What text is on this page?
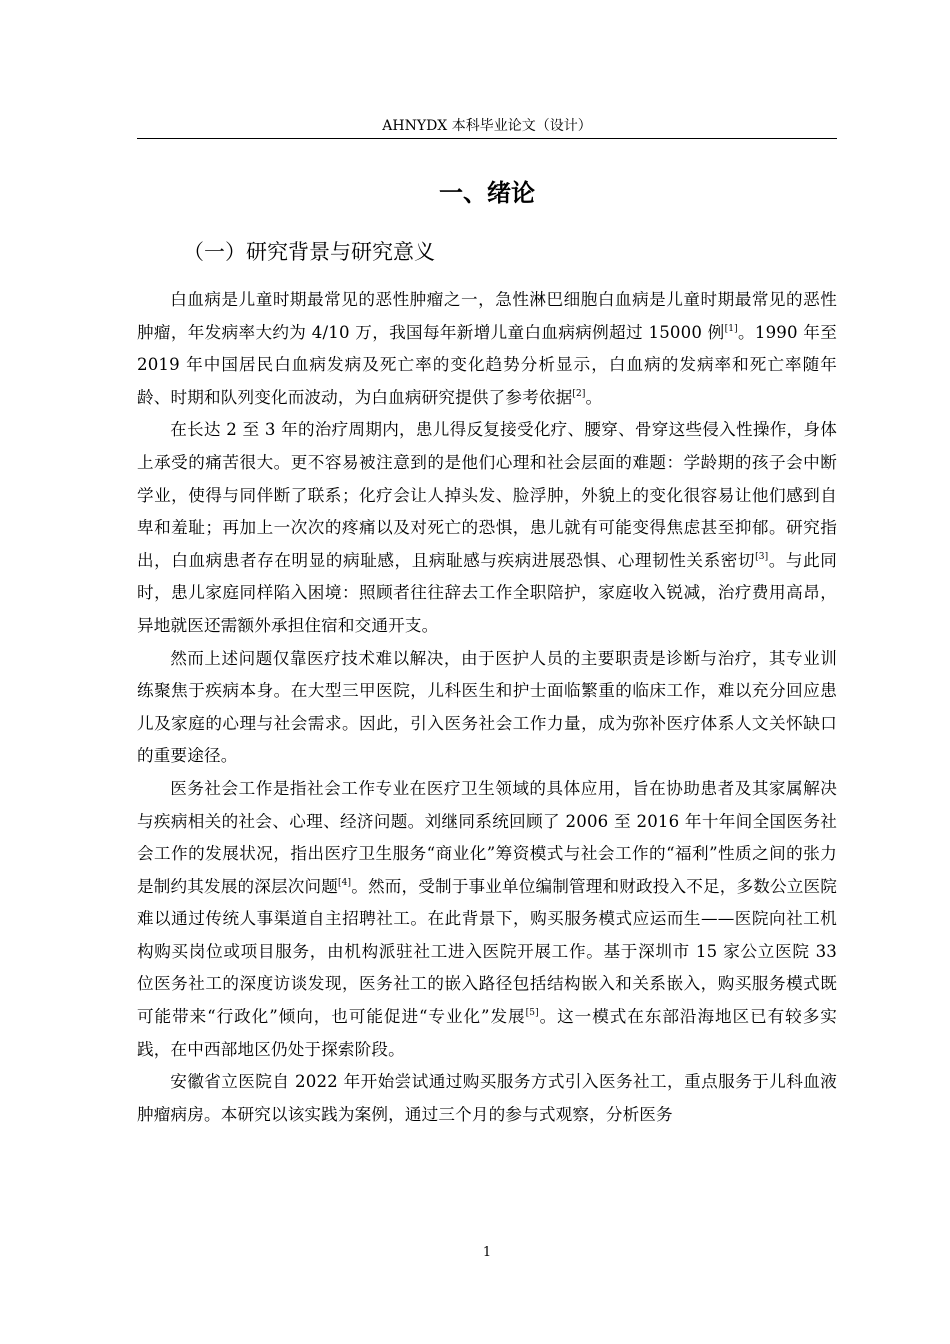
AHNYDX 本科毕业论文（设计）
一、绪论
（一）研究背景与研究意义

白血病是儿童时期最常见的恶性肿瘤之一，急性淋巴细胞白血病是儿童时期最常见的恶性肿瘤，年发病率大约为 4/10 万，我国每年新增儿童白血病病例超过 15000 例[1]。1990 年至 2019 年中国居民白血病发病及死亡率的变化趋势分析显示，白血病的发病率和死亡率随年龄、时期和队列变化而波动，为白血病研究提供了参考依据[2]。

在长达 2 至 3 年的治疗周期内，患儿得反复接受化疗、腰穿、骨穿这些侵入性操作，身体上承受的痛苦很大。更不容易被注意到的是他们心理和社会层面的难题：学龄期的孩子会中断学业，使得与同伴断了联系；化疗会让人掉头发、脸浮肿，外貌上的变化很容易让他们感到自卑和羞耻；再加上一次次的疼痛以及对死亡的恐惧，患儿就有可能变得焦虑甚至抑郁。研究指出，白血病患者存在明显的病耻感，且病耻感与疾病进展恐惧、心理韧性关系密切[3]。与此同时，患儿家庭同样陷入困境：照顾者往往辞去工作全职陪护，家庭收入锐减，治疗费用高昂，异地就医还需额外承担住宿和交通开支。

然而上述问题仅靠医疗技术难以解决，由于医护人员的主要职责是诊断与治疗，其专业训练聚焦于疾病本身。在大型三甲医院，儿科医生和护士面临繁重的临床工作，难以充分回应患儿及家庭的心理与社会需求。因此，引入医务社会工作力量，成为弥补医疗体系人文关怀缺口的重要途径。

医务社会工作是指社会工作专业在医疗卫生领域的具体应用，旨在协助患者及其家属解决与疾病相关的社会、心理、经济问题。刘继同系统回顾了 2006 至 2016 年十年间全国医务社会工作的发展状况，指出医疗卫生服务“商业化”筹资模式与社会工作的“福利”性质之间的张力是制约其发展的深层次问题[4]。然而，受制于事业单位编制管理和财政投入不足，多数公立医院难以通过传统人事渠道自主招聘社工。在此背景下，购买服务模式应运而生——医院向社工机构购买岗位或项目服务，由机构派驻社工进入医院开展工作。基于深圳市 15 家公立医院 33 位医务社工的深度访谈发现，医务社工的嵌入路径包括结构嵌入和关系嵌入，购买服务模式既可能带来“行政化”倾向，也可能促进“专业化”发展[5]。这一模式在东部沿海地区已有较多实践，在中西部地区仍处于探索阶段。

安徽省立医院自 2022 年开始尝试通过购买服务方式引入医务社工，重点服务于儿科血液肿瘤病房。本研究以该实践为案例，通过三个月的参与式观察，分析医务

1
